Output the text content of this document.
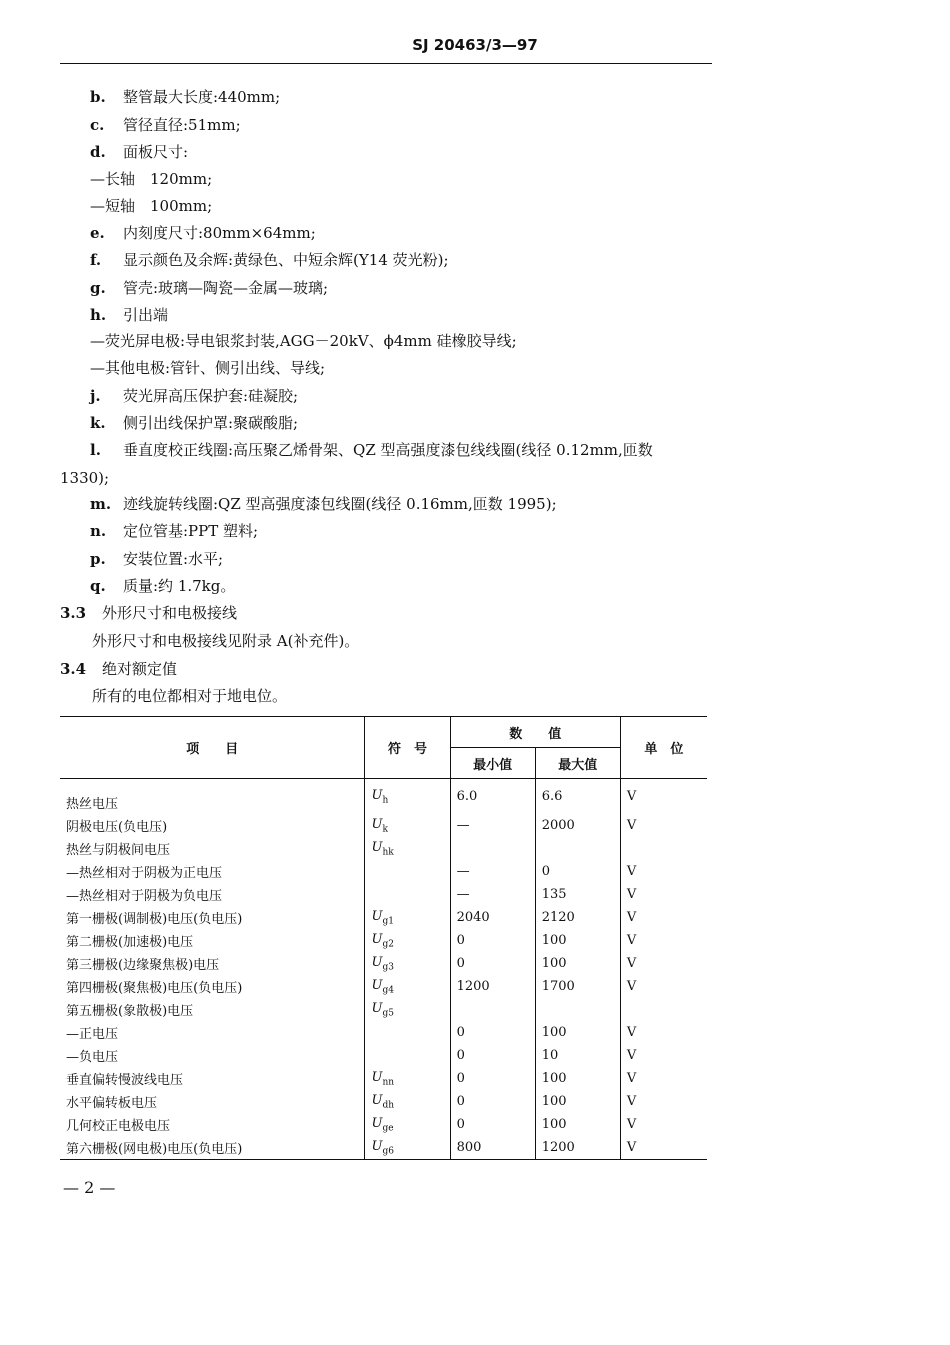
SJ 20463/3—97
b. 整管最大长度:440mm;
c. 管径直径:51mm;
d. 面板尺寸:
—长轴　120mm;
—短轴　100mm;
e. 内刻度尺寸:80mm×64mm;
f. 显示颜色及余辉:黄绿色、中短余辉(Y14 荧光粉);
g. 管壳:玻璃—陶瓷—金属—玻璃;
h. 引出端
—荧光屏电极:导电银浆封装,AGG－20kV、ϕ4mm 硅橡胶导线;
—其他电极:管针、侧引出线、导线;
j. 荧光屏高压保护套:硅凝胶;
k. 侧引出线保护罩:聚碳酸脂;
l. 垂直度校正线圈:高压聚乙烯骨架、QZ 型高强度漆包线线圈(线径 0.12mm,匝数
1330);
m. 迹线旋转线圈:QZ 型高强度漆包线圈(线径 0.16mm,匝数 1995);
n. 定位管基:PPT 塑料;
p. 安装位置:水平;
q. 质量:约 1.7kg。
3.3 外形尺寸和电极接线
外形尺寸和电极接线见附录 A(补充件)。
3.4 绝对额定值
所有的电位都相对于地电位。
项　　目	符　号	数　　值		单　位
		最小值	最大值	
热丝电压	$U_h$	6.0	6.6	V
阴极电压(负电压)	$U_k$	—	2000	V
热丝与阴极间电压	$U_{hk}$			
—热丝相对于阴极为正电压		—	0	V
—热丝相对于阴极为负电压		—	135	V
第一栅极(调制极)电压(负电压)	$U_{g1}$	2040	2120	V
第二栅极(加速极)电压	$U_{g2}$	0	100	V
第三栅极(边缘聚焦极)电压	$U_{g3}$	0	100	V
第四栅极(聚焦极)电压(负电压)	$U_{g4}$	1200	1700	V
第五栅极(象散极)电压	$U_{g5}$			
—正电压		0	100	V
—负电压		0	10	V
垂直偏转慢波线电压	$U_{nn}$	0	100	V
水平偏转板电压	$U_{dh}$	0	100	V
几何校正电极电压	$U_{ge}$	0	100	V
第六栅极(网电极)电压(负电压)	$U_{g6}$	800	1200	V
— 2 —
